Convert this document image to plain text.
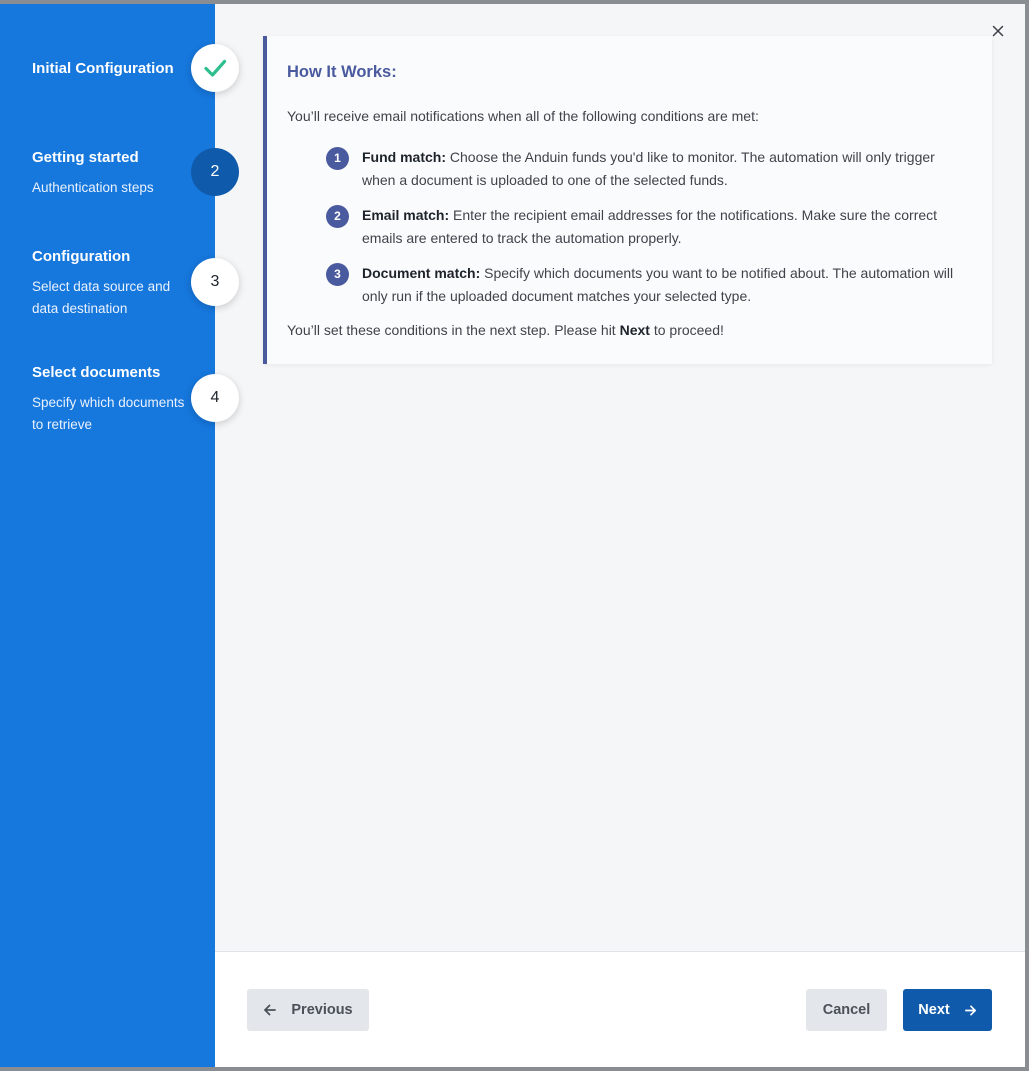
Initial Configuration
Getting started
Authentication steps
2
Configuration
Select data source and data destination
3
Select documents
Specify which documents to retrieve
4
How It Works:
You’ll receive email notifications when all of the following conditions are met:
1	Fund match: Choose the Anduin funds you'd like to monitor. The automation will only trigger when a document is uploaded to one of the selected funds.
2	Email match: Enter the recipient email addresses for the notifications. Make sure the correct emails are entered to track the automation properly.
3	Document match: Specify which documents you want to be notified about. The automation will only run if the uploaded document matches your selected type.
You’ll set these conditions in the next step. Please hit Next to proceed!
Previous	Cancel	Next
